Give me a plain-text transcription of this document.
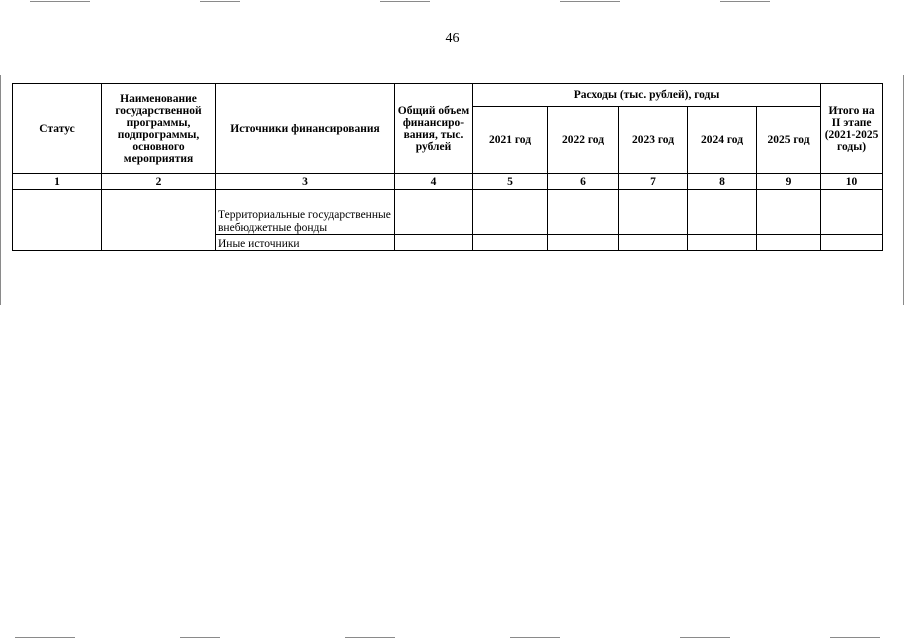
46
Статус	Наименование государственной программы, подпрограммы, основного мероприятия	Источники финансирования	Общий объем финансиро-вания, тыс. рублей	Расходы (тыс. рублей), годы					Итого на II этапе (2021-2025 годы)
				2021 год	2022 год	2023 год	2024 год	2025 год	
1	2	3	4	5	6	7	8	9	10
		Территориальные государственные внебюджетные фонды							
		Иные источники							
